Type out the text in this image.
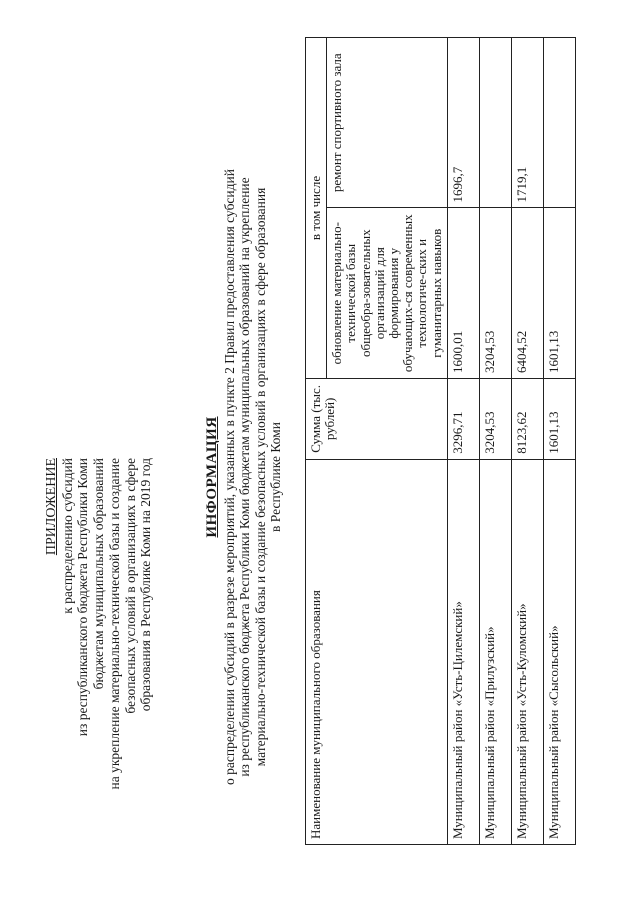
ПРИЛОЖЕНИЕ к распределению субсидий из республиканского бюджета Республики Коми бюджетам муниципальных образований на укрепление материально-технической базы и создание безопасных условий в организациях в сфере образования в Республике Коми на 2019 год	ИНФОРМАЦИЯ о распределении субсидий в разрезе мероприятий, указанных в пункте 2 Правил предоставления субсидий из республиканского бюджета Республики Коми бюджетам муниципальных образований на укрепление материально-технической базы и создание безопасных условий в организациях в сфере образования в Республике Коми
Наименование муниципального образования	Сумма (тыс. рублей)	в том числе	
		обновление материально-технической базы общеобра-зовательных организаций для формирования у обучающих-ся современных технологиче-ских и гуманитарных навыков	ремонт спортивного зала
Муниципальный район «Усть-Цилемский»	3296,71	1600,01	1696,7
Муниципальный район «Прилузский»	3204,53	3204,53	
Муниципальный район «Усть-Куломский»	8123,62	6404,52	1719,1
Муниципальный район «Сысольский»	1601,13	1601,13	
